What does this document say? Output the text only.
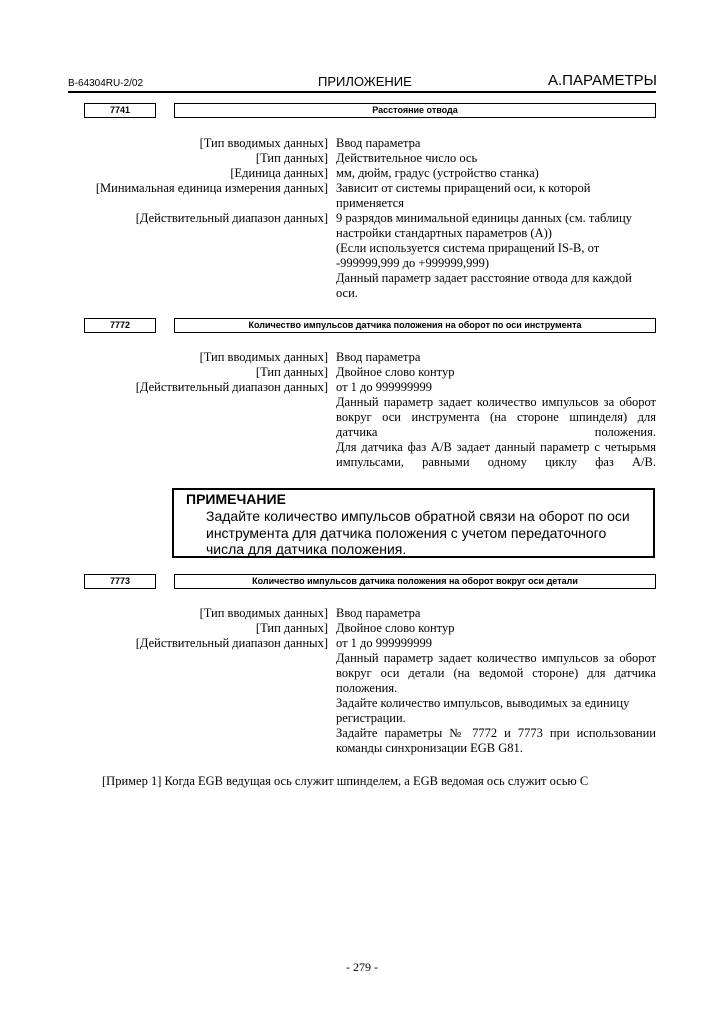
B-64304RU-2/02	ПРИЛОЖЕНИЕ	А.ПАРАМЕТРЫ
7741	Расстояние отвода
[Тип вводимых данных] Ввод параметра
[Тип данных] Действительное число ось
[Единица данных] мм, дюйм, градус (устройство станка)
[Минимальная единица измерения данных] Зависит от системы приращений оси, к которой применяется
[Действительный диапазон данных] 9 разрядов минимальной единицы данных (см. таблицу настройки стандартных параметров (А))
(Если используется система приращений IS-B, от -999999,999 до +999999,999)
Данный параметр задает расстояние отвода для каждой оси.
7772	Количество импульсов датчика положения на оборот по оси инструмента
[Тип вводимых данных] Ввод параметра
[Тип данных] Двойное слово контур
[Действительный диапазон данных] от 1 до 999999999
Данный параметр задает количество импульсов за оборот вокруг оси инструмента (на стороне шпинделя) для датчика положения.
Для датчика фаз A/B задает данный параметр с четырьмя импульсами, равными одному циклу фаз A/B.
ПРИМЕЧАНИЕ
Задайте количество импульсов обратной связи на оборот по оси инструмента для датчика положения с учетом передаточного числа для датчика положения.
7773	Количество импульсов датчика положения на оборот вокруг оси детали
[Тип вводимых данных] Ввод параметра
[Тип данных] Двойное слово контур
[Действительный диапазон данных] от 1 до 999999999
Данный параметр задает количество импульсов за оборот вокруг оси детали (на ведомой стороне) для датчика положения.
Задайте количество импульсов, выводимых за единицу регистрации.
Задайте параметры № 7772 и 7773 при использовании команды синхронизации EGB G81.
[Пример 1] Когда EGB ведущая ось служит шпинделем, а EGB ведомая ось служит осью C
- 279 -
